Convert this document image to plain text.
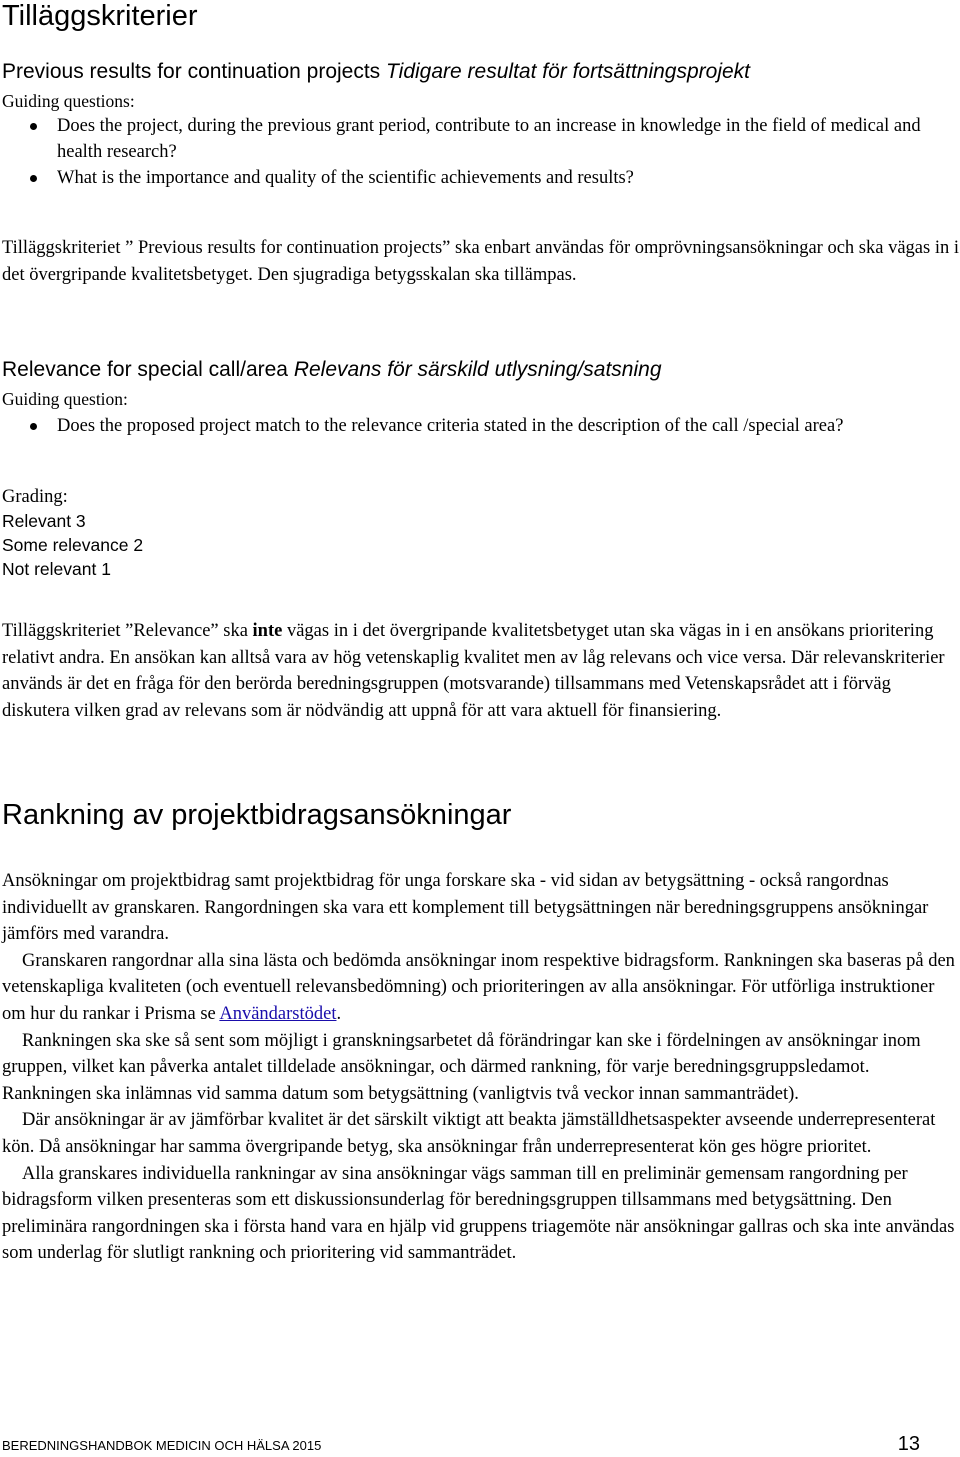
Tilläggskriterier
Previous results for continuation projects Tidigare resultat för fortsättningsprojekt
Guiding questions:
Does the project, during the previous grant period, contribute to an increase in knowledge in the field of medical and health research?
What is the importance and quality of the scientific achievements and results?

Tilläggskriteriet ” Previous results for continuation projects” ska enbart användas för omprövningsansökningar och ska vägas in i det övergripande kvalitetsbetyget. Den sjugradiga betygsskalan ska tillämpas.

Relevance for special call/area Relevans för särskild utlysning/satsning
Guiding question:
Does the proposed project match to the relevance criteria stated in the description of the call /special area?
Grading:
Relevant 3
Some relevance 2
Not relevant 1

Tilläggskriteriet ”Relevance” ska inte vägas in i det övergripande kvalitetsbetyget utan ska vägas in i en ansökans prioritering relativt andra. En ansökan kan alltså vara av hög vetenskaplig kvalitet men av låg relevans och vice versa. Där relevanskriterier används är det en fråga för den berörda beredningsgruppen (motsvarande) tillsammans med Vetenskapsrådet att i förväg diskutera vilken grad av relevans som är nödvändig att uppnå för att vara aktuell för finansiering.

Rankning av projektbidragsansökningar

Ansökningar om projektbidrag samt projektbidrag för unga forskare ska - vid sidan av betygsättning - också rangordnas individuellt av granskaren. Rangordningen ska vara ett komplement till betygsättningen när beredningsgruppens ansökningar jämförs med varandra.

Granskaren rangordnar alla sina lästa och bedömda ansökningar inom respektive bidragsform. Rankningen ska baseras på den vetenskapliga kvaliteten (och eventuell relevansbedömning) och prioriteringen av alla ansökningar. För utförliga instruktioner om hur du rankar i Prisma se Användarstödet.

Rankningen ska ske så sent som möjligt i granskningsarbetet då förändringar kan ske i fördelningen av ansökningar inom gruppen, vilket kan påverka antalet tilldelade ansökningar, och därmed rankning, för varje beredningsgruppsledamot. Rankningen ska inlämnas vid samma datum som betygsättning (vanligtvis två veckor innan sammanträdet).

Där ansökningar är av jämförbar kvalitet är det särskilt viktigt att beakta jämställdhetsaspekter avseende underrepresenterat kön. Då ansökningar har samma övergripande betyg, ska ansökningar från underrepresenterat kön ges högre prioritet.

Alla granskares individuella rankningar av sina ansökningar vägs samman till en preliminär gemensam rangordning per bidragsform vilken presenteras som ett diskussionsunderlag för beredningsgruppen tillsammans med betygsättning. Den preliminära rangordningen ska i första hand vara en hjälp vid gruppens triagemöte när ansökningar gallras och ska inte användas som underlag för slutligt rankning och prioritering vid sammanträdet.

BEREDNINGSHANDBOK MEDICIN OCH HÄLSA 2015	13
